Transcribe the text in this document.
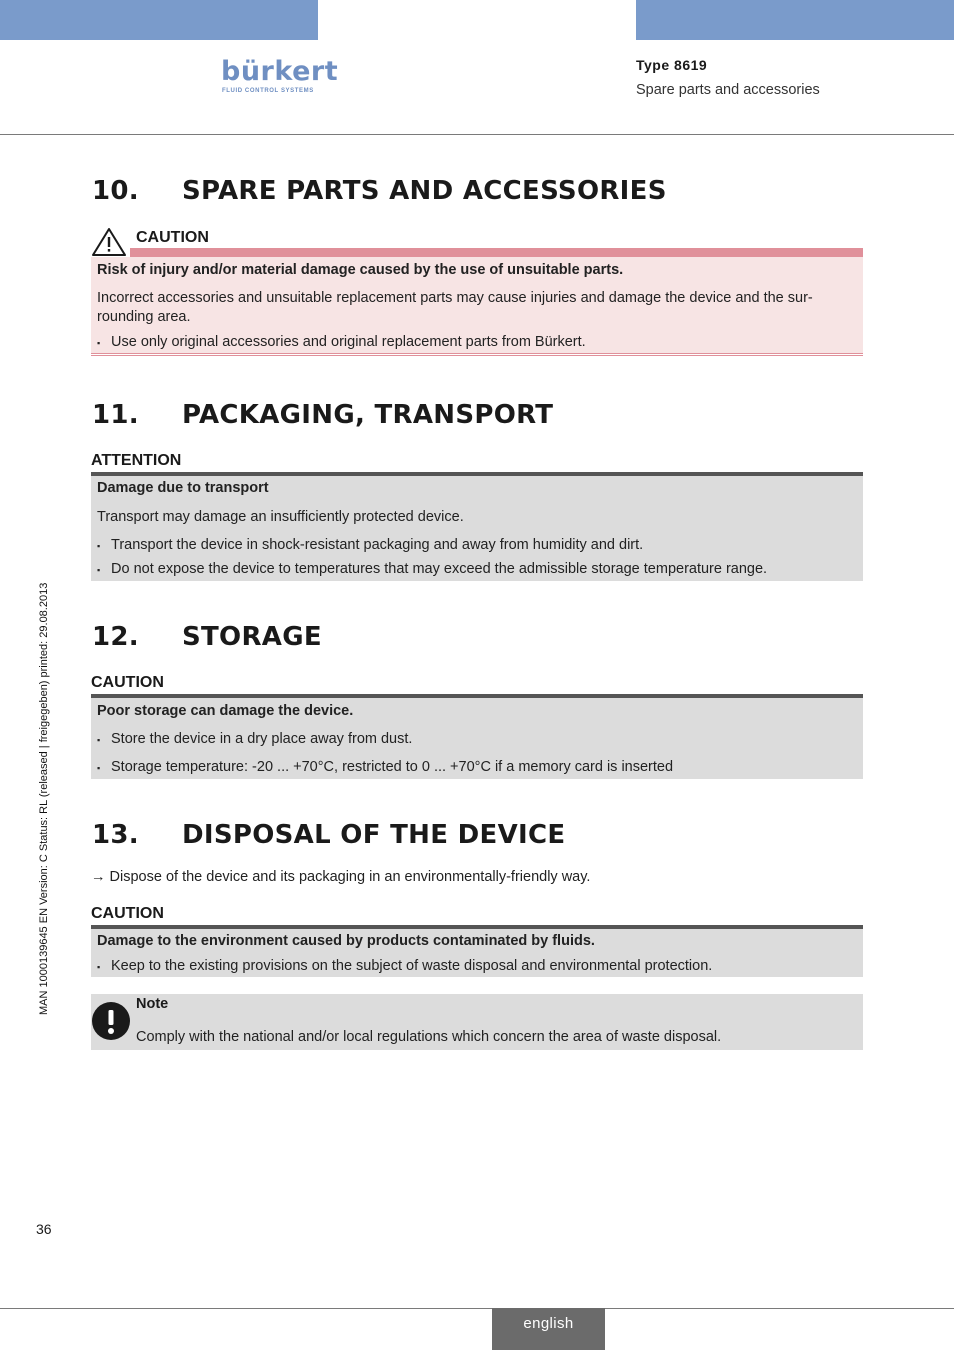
bürkert
FLUID CONTROL SYSTEMS
Type 8619
Spare parts and accessories
MAN 1000139645 EN Version: C Status: RL (released | freigegeben) printed: 29.08.2013
10. SPARE PARTS AND ACCESSORIES
CAUTION
Risk of injury and/or material damage caused by the use of unsuitable parts.
Incorrect accessories and unsuitable replacement parts may cause injuries and damage the device and the sur-
rounding area.
▪ Use only original accessories and original replacement parts from Bürkert.
11. PACKAGING, TRANSPORT
ATTENTION
Damage due to transport
Transport may damage an insufficiently protected device.
▪ Transport the device in shock-resistant packaging and away from humidity and dirt.
▪ Do not expose the device to temperatures that may exceed the admissible storage temperature range.
12. STORAGE
CAUTION
Poor storage can damage the device.
▪ Store the device in a dry place away from dust.
▪ Storage temperature: -20 ... +70°C, restricted to 0 ... +70°C if a memory card is inserted
13. DISPOSAL OF THE DEVICE
→ Dispose of the device and its packaging in an environmentally-friendly way.
CAUTION
Damage to the environment caused by products contaminated by fluids.
▪ Keep to the existing provisions on the subject of waste disposal and environmental protection.
Note
Comply with the national and/or local regulations which concern the area of waste disposal.
36
english
